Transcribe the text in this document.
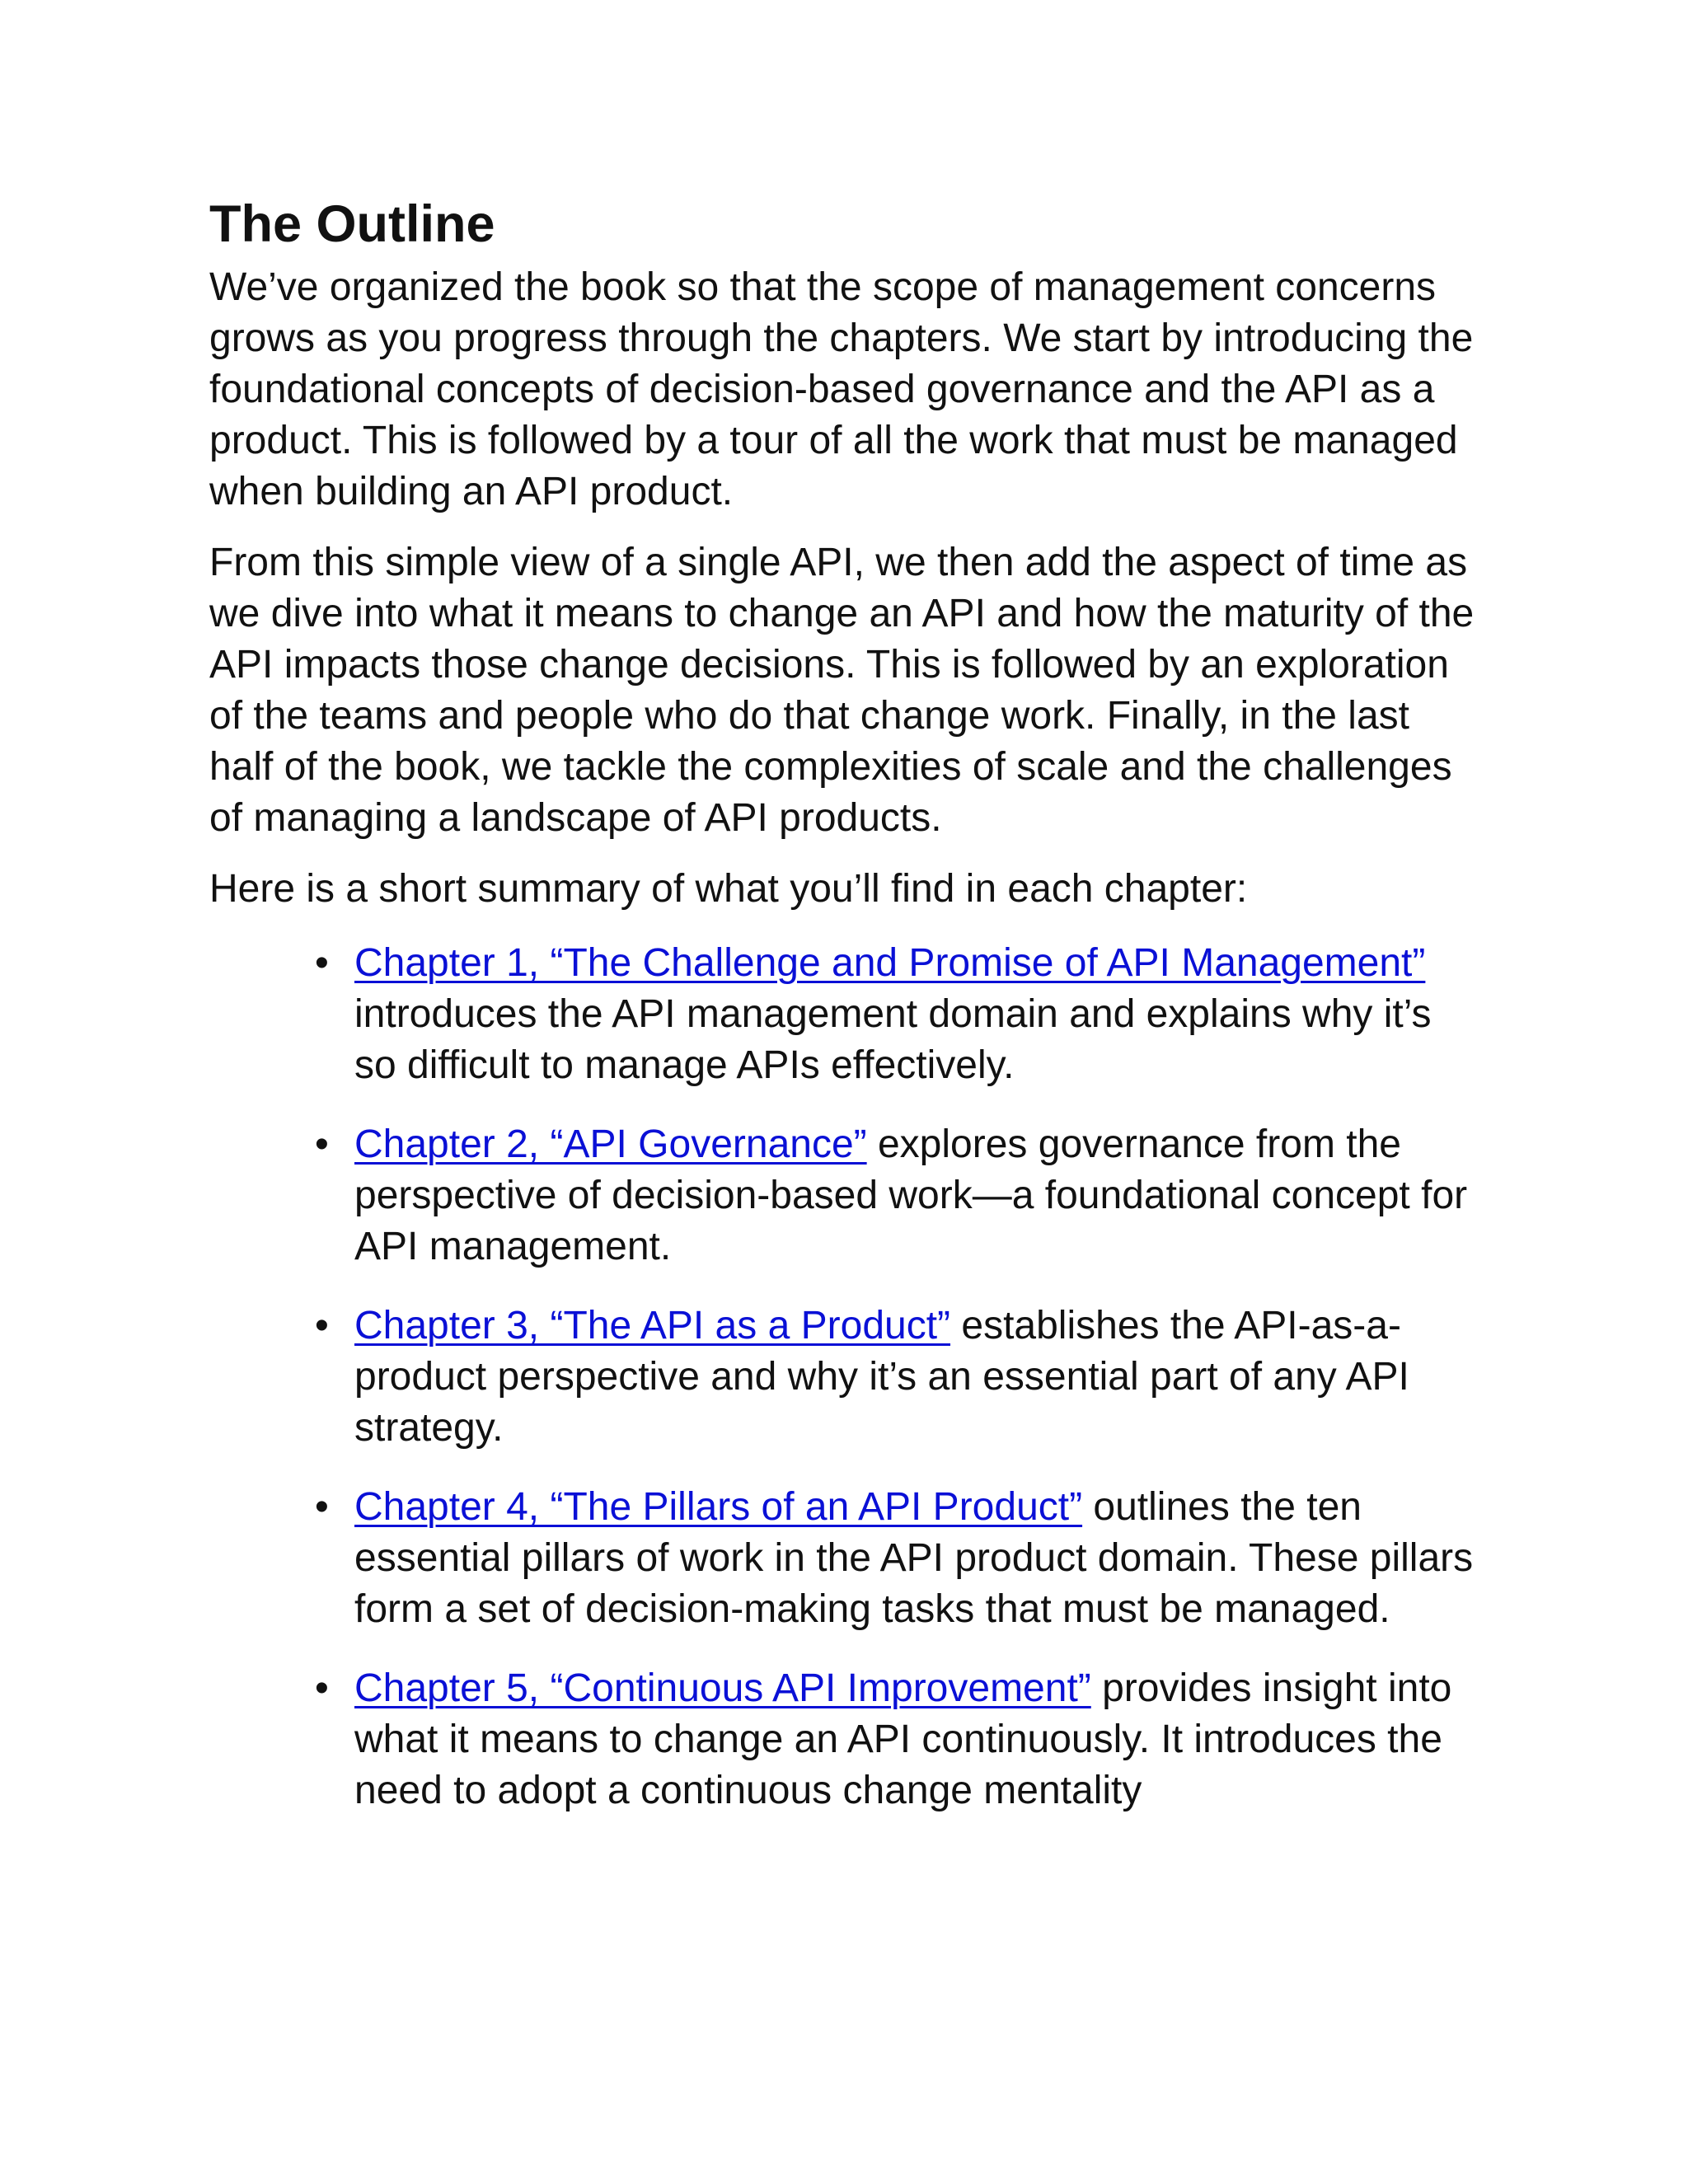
The Outline

We’ve organized the book so that the scope of management concerns grows as you progress through the chapters. We start by introducing the foundational concepts of decision-based governance and the API as a product. This is followed by a tour of all the work that must be managed when building an API product.

From this simple view of a single API, we then add the aspect of time as we dive into what it means to change an API and how the maturity of the API impacts those change decisions. This is followed by an exploration of the teams and people who do that change work. Finally, in the last half of the book, we tackle the complexities of scale and the challenges of managing a landscape of API products.

Here is a short summary of what you’ll find in each chapter:

• Chapter 1, “The Challenge and Promise of API Management” introduces the API management domain and explains why it’s so difficult to manage APIs effectively.
• Chapter 2, “API Governance” explores governance from the perspective of decision-based work—a foundational concept for API management.
• Chapter 3, “The API as a Product” establishes the API-as-a-product perspective and why it’s an essential part of any API strategy.
• Chapter 4, “The Pillars of an API Product” outlines the ten essential pillars of work in the API product domain. These pillars form a set of decision-making tasks that must be managed.
• Chapter 5, “Continuous API Improvement” provides insight into what it means to change an API continuously. It introduces the need to adopt a continuous change mentality
